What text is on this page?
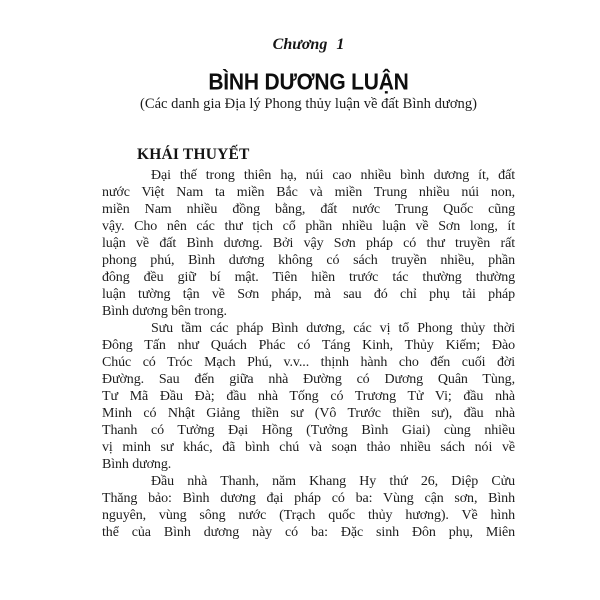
Chương 1
BÌNH DƯƠNG LUẬN
(Các danh gia Địa lý Phong thủy luận về đất Bình dương)
KHÁI THUYẾT
Đại thế trong thiên hạ, núi cao nhiều bình dương ít, đất
nước Việt Nam ta miền Bắc và miền Trung nhiều núi non,
miền Nam nhiều đồng bằng, đất nước Trung Quốc cũng
vậy. Cho nên các thư tịch cổ phần nhiều luận về Sơn long, ít
luận về đất Bình dương. Bởi vậy Sơn pháp có thư truyền rất
phong phú, Bình dương không có sách truyền nhiều, phần
đông đều giữ bí mật. Tiên hiền trước tác thường thường
luận tường tận về Sơn pháp, mà sau đó chỉ phụ tải pháp
Bình dương bên trong.
Sưu tầm các pháp Bình dương, các vị tổ Phong thủy thời
Đông Tấn như Quách Phác có Táng Kinh, Thủy Kiếm; Đào
Chúc có Tróc Mạch Phú, v.v... thịnh hành cho đến cuối đời
Đường. Sau đến giữa nhà Đường có Dương Quân Tùng,
Tư Mã Đầu Đà; đầu nhà Tống có Trương Tử Vi; đầu nhà
Minh có Nhật Giảng thiền sư (Vô Trước thiền sư), đầu nhà
Thanh có Tưởng Đại Hồng (Tưởng Bình Giai) cùng nhiều
vị minh sư khác, đã bình chú và soạn thảo nhiều sách nói về
Bình dương.
Đầu nhà Thanh, năm Khang Hy thứ 26, Diệp Cửu
Thăng bảo: Bình dương đại pháp có ba: Vùng cận sơn, Bình
nguyên, vùng sông nước (Trạch quốc thủy hương). Về hình
thể của Bình dương này có ba: Đặc sinh Đôn phụ, Miên
